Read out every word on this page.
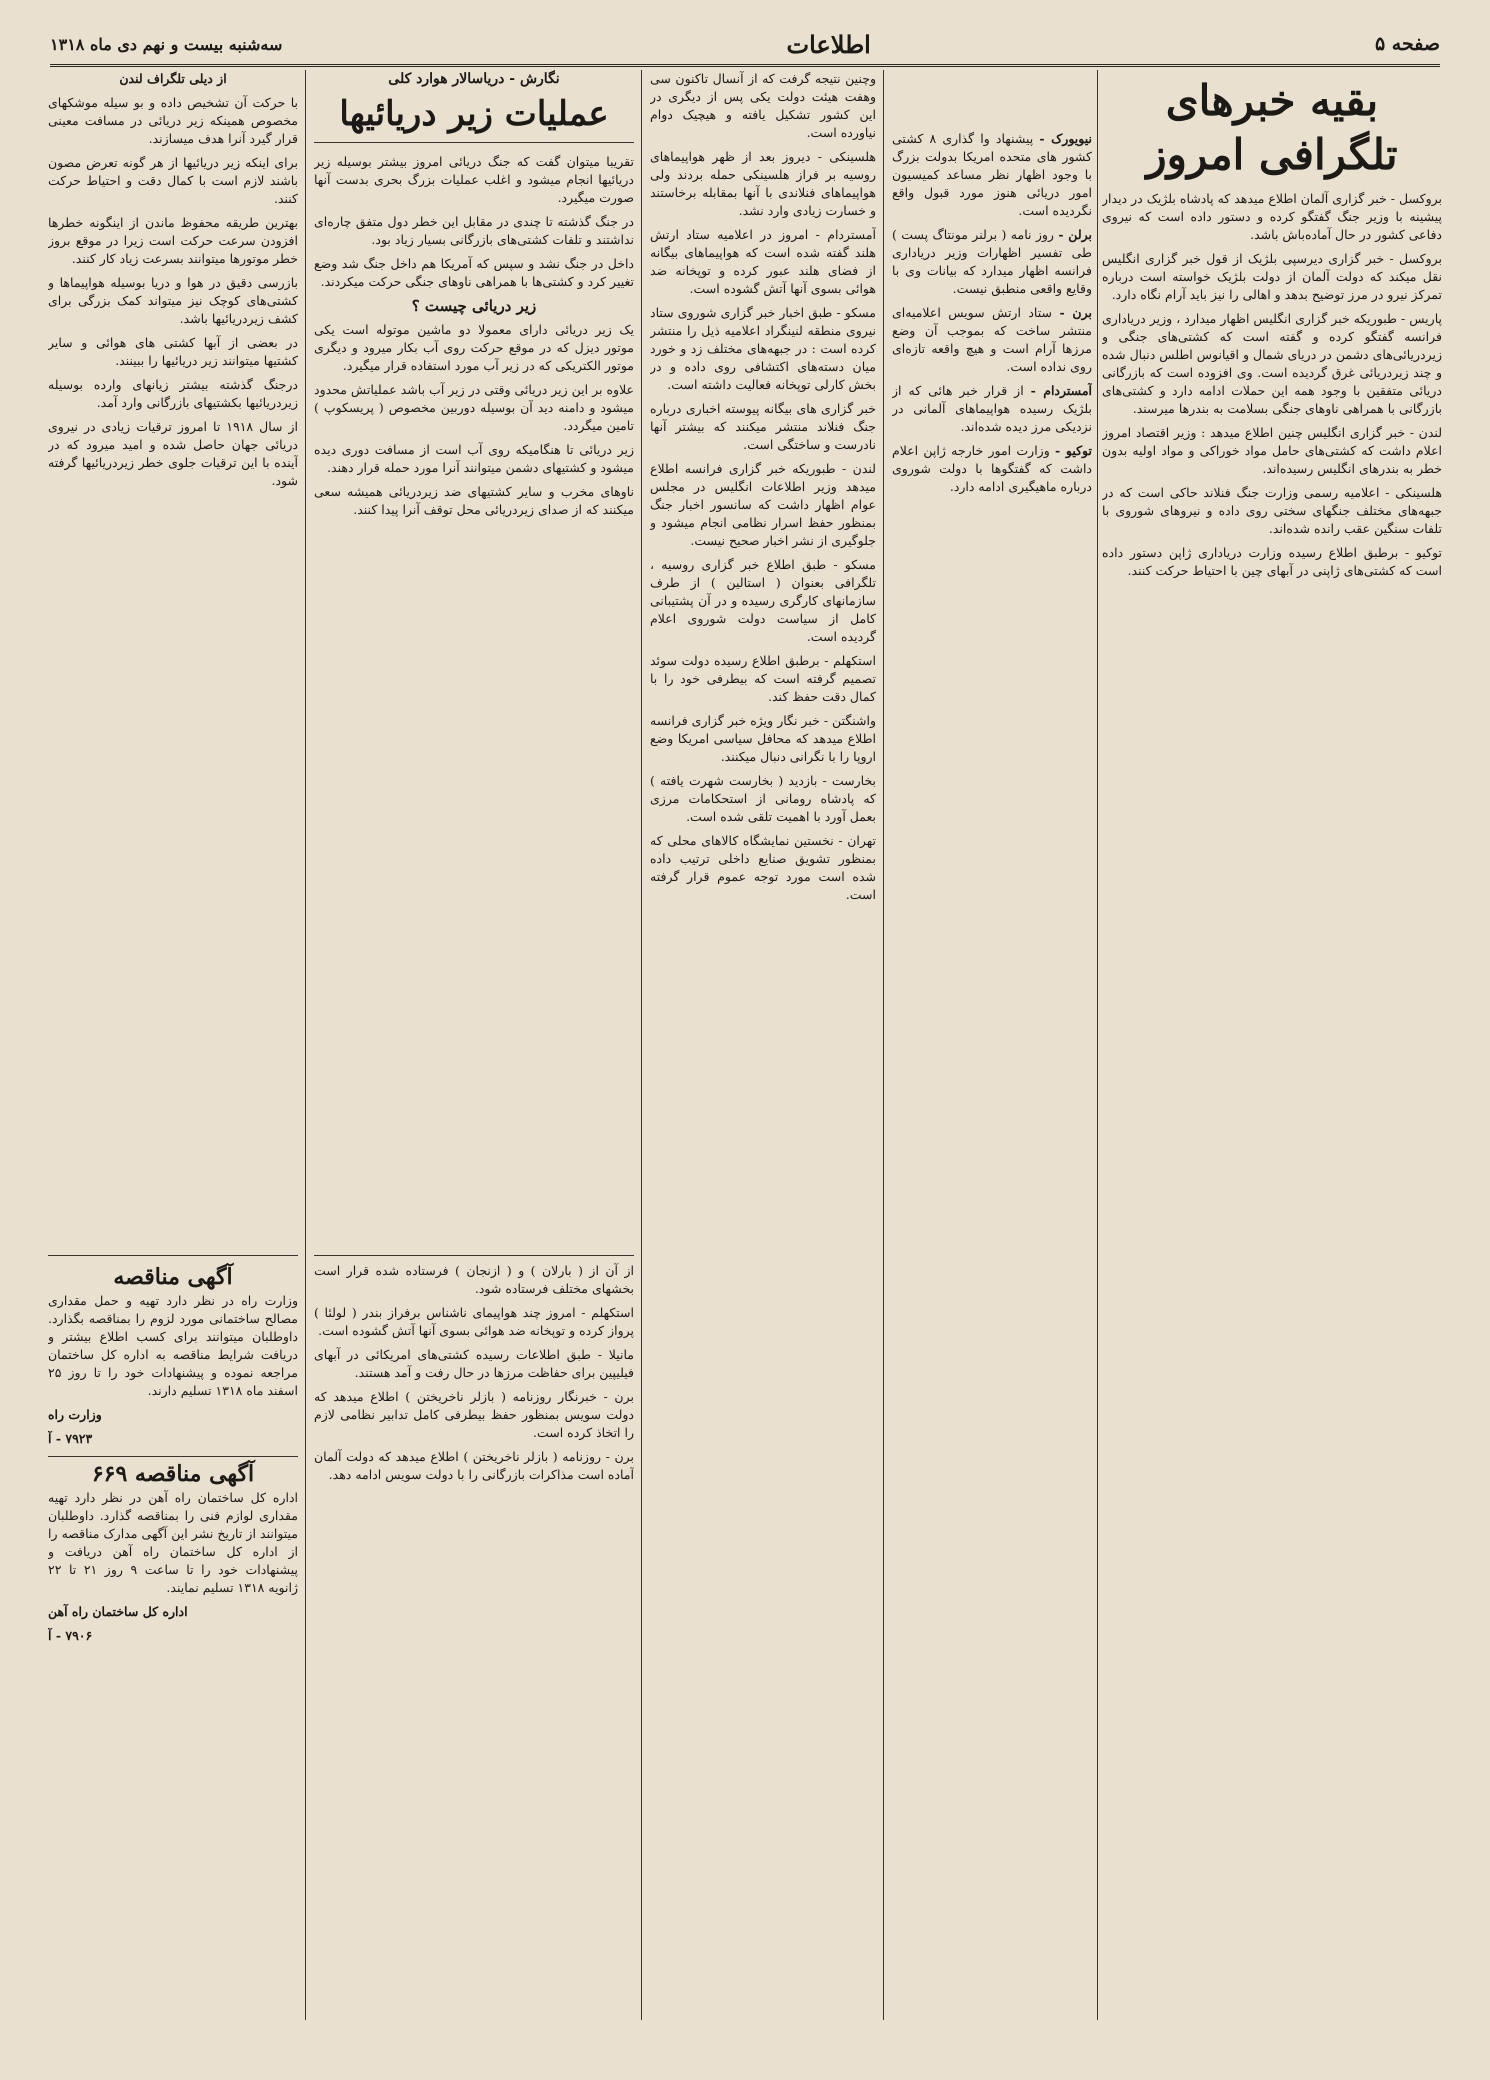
صفحه ۵
اطلاعات
سه‌شنبه بیست و نهم دی ماه ۱۳۱۸
بقیه خبرهای تلگرافی امروز

بروکسل - خبر گزاری آلمان اطلاع میدهد که پادشاه بلژیک در دیدار پیشینه با وزیر جنگ گفتگو کرده و دستور داده است که نیروی دفاعی کشور در حال آماده‌باش باشد.

بروکسل - خبر گزاری دیرسپی بلژیک از قول خبر گزاری انگلیس نقل میکند که دولت آلمان از دولت بلژیک خواسته است درباره تمرکز نیرو در مرز توضیح بدهد و اهالی را نیز باید آرام نگاه دارد.

پاریس - طبوریکه خبر گزاری انگلیس اظهار میدارد ، وزیر دریاداری فرانسه گفتگو کرده و گفته است که کشتی‌های جنگی و زیردریائی‌های دشمن در دریای شمال و اقیانوس اطلس دنبال شده و چند زیردریائی غرق گردیده است. وی افزوده است که بازرگانی دریائی متفقین با وجود همه این حملات ادامه دارد و کشتی‌های بازرگانی با همراهی ناوهای جنگی بسلامت به بندرها میرسند.

لندن - خبر گزاری انگلیس چنین اطلاع میدهد : وزیر اقتصاد امروز اعلام داشت که کشتی‌های حامل مواد خوراکی و مواد اولیه بدون خطر به بندرهای انگلیس رسیده‌اند.

هلسینکی - اعلامیه رسمی وزارت جنگ فنلاند حاکی است که در جبهه‌های مختلف جنگهای سختی روی داده و نیروهای شوروی با تلفات سنگین عقب رانده شده‌اند.

توکیو - برطبق اطلاع رسیده وزارت دریاداری ژاپن دستور داده است که کشتی‌های ژاپنی در آبهای چین با احتیاط حرکت کنند.

نیویورک - پیشنهاد وا گذاری ۸ کشتی کشور های متحده امریکا بدولت بزرگ با وجود اظهار نظر مساعد کمیسیون امور دریائی هنوز مورد قبول واقع نگردیده است.

برلن - روز نامه ( برلنر مونتاگ پست ) طی تفسیر اظهارات وزیر دریاداری فرانسه اظهار میدارد که بیانات وی با وقایع واقعی منطبق نیست.

برن - ستاد ارتش سویس اعلامیه‌ای منتشر ساخت که بموجب آن وضع مرزها آرام است و هیچ واقعه تازه‌ای روی نداده است.

آمستردام - از قرار خبر هائی که از بلژیک رسیده هواپیماهای آلمانی در نزدیکی مرز دیده شده‌اند.

توکیو - وزارت امور خارجه ژاپن اعلام داشت که گفتگوها با دولت شوروی درباره ماهیگیری ادامه دارد.

وچنین نتیجه گرفت که از آنسال تاکنون سی وهفت هیئت دولت یکی پس از دیگری در این کشور تشکیل یافته و هیچیک دوام نیاورده است.

هلسینکی - دیروز بعد از ظهر هواپیماهای روسیه بر فراز هلسینکی حمله بردند ولی هواپیماهای فنلاندی با آنها بمقابله برخاستند و خسارت زیادی وارد نشد.

آمستردام - امروز در اعلامیه ستاد ارتش هلند گفته شده است که هواپیماهای بیگانه از فضای هلند عبور کرده و توپخانه ضد هوائی بسوی آنها آتش گشوده است.

مسکو - طبق اخبار خبر گزاری شوروی ستاد نیروی منطقه لنینگراد اعلامیه ذیل را منتشر کرده است : در جبهه‌های مختلف زد و خورد میان دسته‌های اکتشافی روی داده و در بخش کارلی توپخانه فعالیت داشته است.

خبر گزاری های بیگانه پیوسته اخباری درباره جنگ فنلاند منتشر میکنند که بیشتر آنها نادرست و ساختگی است.

لندن - طبوریکه خبر گزاری فرانسه اطلاع میدهد وزیر اطلاعات انگلیس در مجلس عوام اظهار داشت که سانسور اخبار جنگ بمنظور حفظ اسرار نظامی انجام میشود و جلوگیری از نشر اخبار صحیح نیست.

مسکو - طبق اطلاع خبر گزاری روسیه ، تلگرافی بعنوان ( استالین ) از طرف سازمانهای کارگری رسیده و در آن پشتیبانی کامل از سیاست دولت شوروی اعلام گردیده است.

استکهلم - برطبق اطلاع رسیده دولت سوئد تصمیم گرفته است که بیطرفی خود را با کمال دقت حفظ کند.

واشنگتن - خبر نگار ویژه خبر گزاری فرانسه اطلاع میدهد که محافل سیاسی امریکا وضع اروپا را با نگرانی دنبال میکنند.

بخارست - بازدید ( بخارست شهرت یافته ) که پادشاه رومانی از استحکامات مرزی بعمل آورد با اهمیت تلقی شده است.

تهران - نخستین نمایشگاه کالاهای محلی که بمنظور تشویق صنایع داخلی ترتیب داده شده است مورد توجه عموم قرار گرفته است.

نگارش - دریاسالار هوارد کلی
عملیات زیر دریائیها

تقریبا میتوان گفت که جنگ دریائی امروز بیشتر بوسیله زیر دریائیها انجام میشود و اغلب عملیات بزرگ بحری بدست آنها صورت میگیرد.

در جنگ گذشته تا چندی در مقابل این خطر دول متفق چاره‌ای نداشتند و تلفات کشتی‌های بازرگانی بسیار زیاد بود.

داخل در جنگ نشد و سپس که آمریکا هم داخل جنگ شد وضع تغییر کرد و کشتی‌ها با همراهی ناوهای جنگی حرکت میکردند.

زیر دریائی چیست ؟

یک زیر دریائی دارای معمولا دو ماشین موتوله است یکی موتور دیزل که در موقع حرکت روی آب بکار میرود و دیگری موتور الکتریکی که در زیر آب مورد استفاده قرار میگیرد.

علاوه بر این زیر دریائی وقتی در زیر آب باشد عملیاتش محدود میشود و دامنه دید آن بوسیله دوربین مخصوص ( پریسکوپ ) تامین میگردد.

زیر دریائی تا هنگامیکه روی آب است از مسافت دوری دیده میشود و کشتیهای دشمن میتوانند آنرا مورد حمله قرار دهند.

ناوهای مخرب و سایر کشتیهای ضد زیردریائی همیشه سعی میکنند که از صدای زیردریائی محل توقف آنرا پیدا کنند.

از آن از ( بارلان ) و ( ازنجان ) فرستاده شده قرار است بخشهای مختلف فرستاده شود.

استکهلم - امروز چند هواپیمای ناشناس برفراز بندر ( لولئا ) پرواز کرده و توپخانه ضد هوائی بسوی آنها آتش گشوده است.

مانیلا - طبق اطلاعات رسیده کشتی‌های امریکائی در آبهای فیلیپین برای حفاظت مرزها در حال رفت و آمد هستند.

برن - خبرنگار روزنامه ( بازلر ناخریختن ) اطلاع میدهد که دولت سویس بمنظور حفظ بیطرفی کامل تدابیر نظامی لازم را اتخاذ کرده است.

برن - روزنامه ( بازلر ناخریختن ) اطلاع میدهد که دولت آلمان آماده است مذاکرات بازرگانی را با دولت سویس ادامه دهد.

از دیلی تلگراف لندن

با حرکت آن تشخیص داده و بو سیله موشکهای مخصوص همینکه زیر دریائی در مسافت معینی قرار گیرد آنرا هدف میسازند.

برای اینکه زیر دریائیها از هر گونه تعرض مصون باشند لازم است با کمال دقت و احتیاط حرکت کنند.

بهترین طریقه محفوظ ماندن از اینگونه خطرها افزودن سرعت حرکت است زیرا در موقع بروز خطر موتورها میتوانند بسرعت زیاد کار کنند.

بازرسی دقیق در هوا و دریا بوسیله هواپیماها و کشتی‌های کوچک نیز میتواند کمک بزرگی برای کشف زیردریائیها باشد.

در بعضی از آبها کشتی های هوائی و سایر کشتیها میتوانند زیر دریائیها را ببینند.

درجنگ گذشته بیشتر زیانهای وارده بوسیله زیردریائیها بکشتیهای بازرگانی وارد آمد.

از سال ۱۹۱۸ تا امروز ترقیات زیادی در نیروی دریائی جهان حاصل شده و امید میرود که در آینده با این ترقیات جلوی خطر زیردریائیها گرفته شود.

آگهی مناقصه

وزارت راه در نظر دارد تهیه و حمل مقداری مصالح ساختمانی مورد لزوم را بمناقصه بگذارد. داوطلبان میتوانند برای کسب اطلاع بیشتر و دریافت شرایط مناقصه به اداره کل ساختمان مراجعه نموده و پیشنهادات خود را تا روز ۲۵ اسفند ماه ۱۳۱۸ تسلیم دارند.

وزارت راه

۷۹۲۳ - آ

آگهی مناقصه ۶۶۹

اداره کل ساختمان راه آهن در نظر دارد تهیه مقداری لوازم فنی را بمناقصه گذارد. داوطلبان میتوانند از تاریخ نشر این آگهی مدارک مناقصه را از اداره کل ساختمان راه آهن دریافت و پیشنهادات خود را تا ساعت ۹ روز ۲۱ تا ۲۲ ژانویه ۱۳۱۸ تسلیم نمایند.

اداره کل ساختمان راه آهن

۷۹۰۶ - آ
